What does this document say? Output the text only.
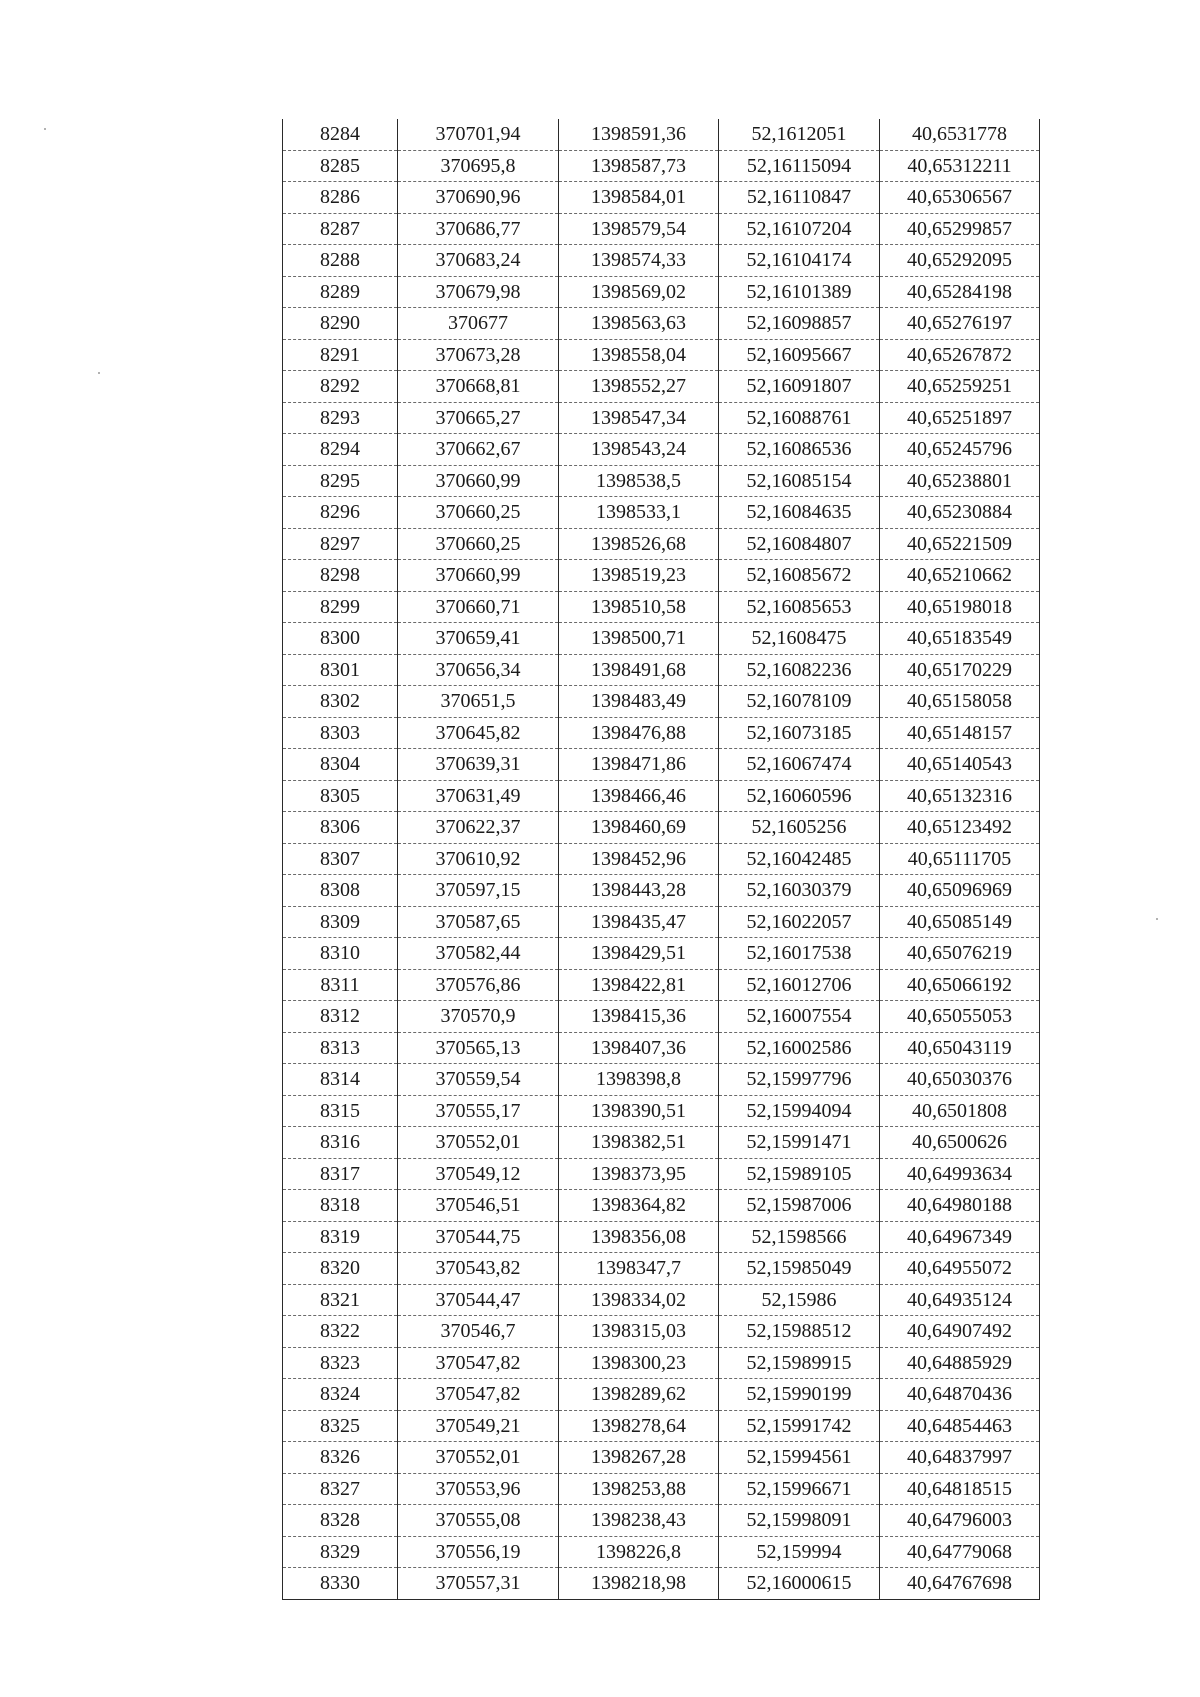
8284	370701,94	1398591,36	52,1612051	40,6531778
8285	370695,8	1398587,73	52,16115094	40,65312211
8286	370690,96	1398584,01	52,16110847	40,65306567
8287	370686,77	1398579,54	52,16107204	40,65299857
8288	370683,24	1398574,33	52,16104174	40,65292095
8289	370679,98	1398569,02	52,16101389	40,65284198
8290	370677	1398563,63	52,16098857	40,65276197
8291	370673,28	1398558,04	52,16095667	40,65267872
8292	370668,81	1398552,27	52,16091807	40,65259251
8293	370665,27	1398547,34	52,16088761	40,65251897
8294	370662,67	1398543,24	52,16086536	40,65245796
8295	370660,99	1398538,5	52,16085154	40,65238801
8296	370660,25	1398533,1	52,16084635	40,65230884
8297	370660,25	1398526,68	52,16084807	40,65221509
8298	370660,99	1398519,23	52,16085672	40,65210662
8299	370660,71	1398510,58	52,16085653	40,65198018
8300	370659,41	1398500,71	52,1608475	40,65183549
8301	370656,34	1398491,68	52,16082236	40,65170229
8302	370651,5	1398483,49	52,16078109	40,65158058
8303	370645,82	1398476,88	52,16073185	40,65148157
8304	370639,31	1398471,86	52,16067474	40,65140543
8305	370631,49	1398466,46	52,16060596	40,65132316
8306	370622,37	1398460,69	52,1605256	40,65123492
8307	370610,92	1398452,96	52,16042485	40,65111705
8308	370597,15	1398443,28	52,16030379	40,65096969
8309	370587,65	1398435,47	52,16022057	40,65085149
8310	370582,44	1398429,51	52,16017538	40,65076219
8311	370576,86	1398422,81	52,16012706	40,65066192
8312	370570,9	1398415,36	52,16007554	40,65055053
8313	370565,13	1398407,36	52,16002586	40,65043119
8314	370559,54	1398398,8	52,15997796	40,65030376
8315	370555,17	1398390,51	52,15994094	40,6501808
8316	370552,01	1398382,51	52,15991471	40,6500626
8317	370549,12	1398373,95	52,15989105	40,64993634
8318	370546,51	1398364,82	52,15987006	40,64980188
8319	370544,75	1398356,08	52,1598566	40,64967349
8320	370543,82	1398347,7	52,15985049	40,64955072
8321	370544,47	1398334,02	52,15986	40,64935124
8322	370546,7	1398315,03	52,15988512	40,64907492
8323	370547,82	1398300,23	52,15989915	40,64885929
8324	370547,82	1398289,62	52,15990199	40,64870436
8325	370549,21	1398278,64	52,15991742	40,64854463
8326	370552,01	1398267,28	52,15994561	40,64837997
8327	370553,96	1398253,88	52,15996671	40,64818515
8328	370555,08	1398238,43	52,15998091	40,64796003
8329	370556,19	1398226,8	52,159994	40,64779068
8330	370557,31	1398218,98	52,16000615	40,64767698
